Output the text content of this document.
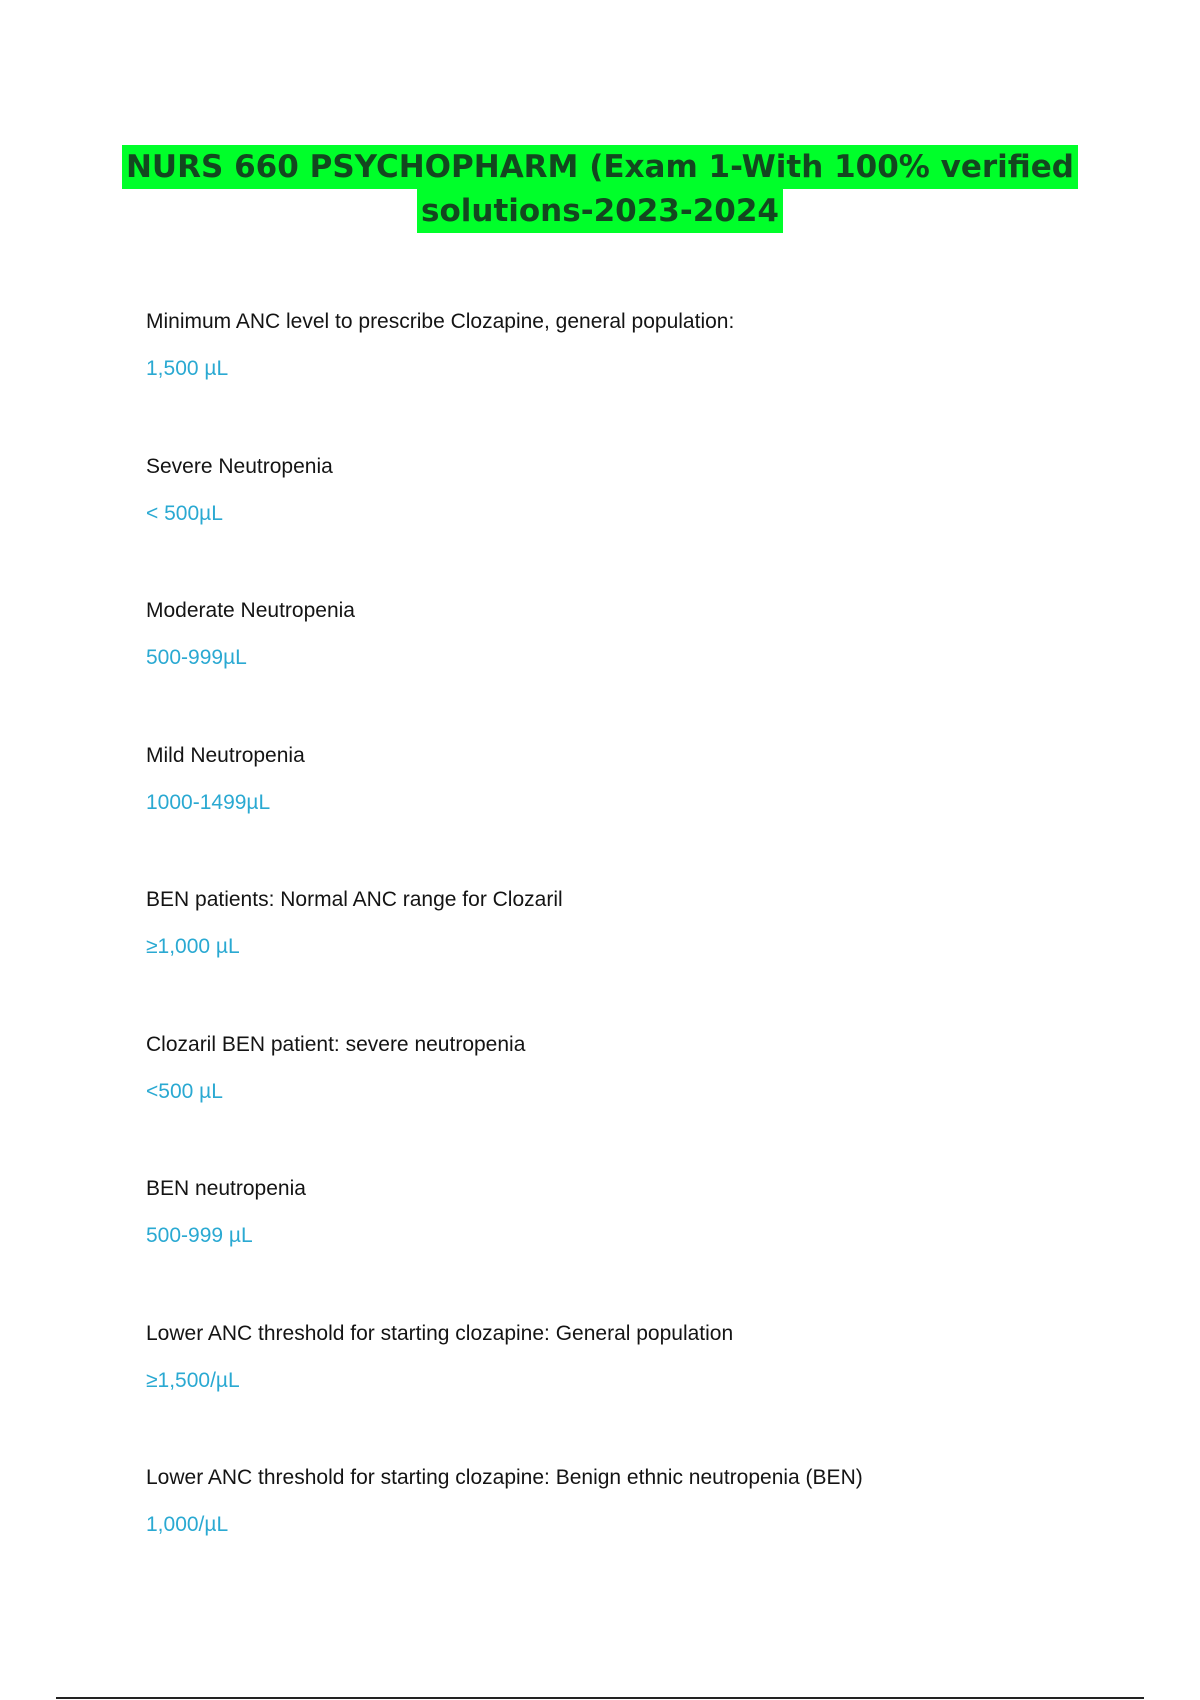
NURS 660 PSYCHOPHARM (Exam 1-With 100% verified
solutions-2023-2024

Minimum ANC level to prescribe Clozapine, general population:

1,500 µL

Severe Neutropenia

< 500µL

Moderate Neutropenia

500-999µL

Mild Neutropenia

1000-1499µL

BEN patients: Normal ANC range for Clozaril

≥1,000 µL

Clozaril BEN patient: severe neutropenia

<500 µL

BEN neutropenia

500-999 µL

Lower ANC threshold for starting clozapine: General population

≥1,500/µL

Lower ANC threshold for starting clozapine: Benign ethnic neutropenia (BEN)

1,000/µL
